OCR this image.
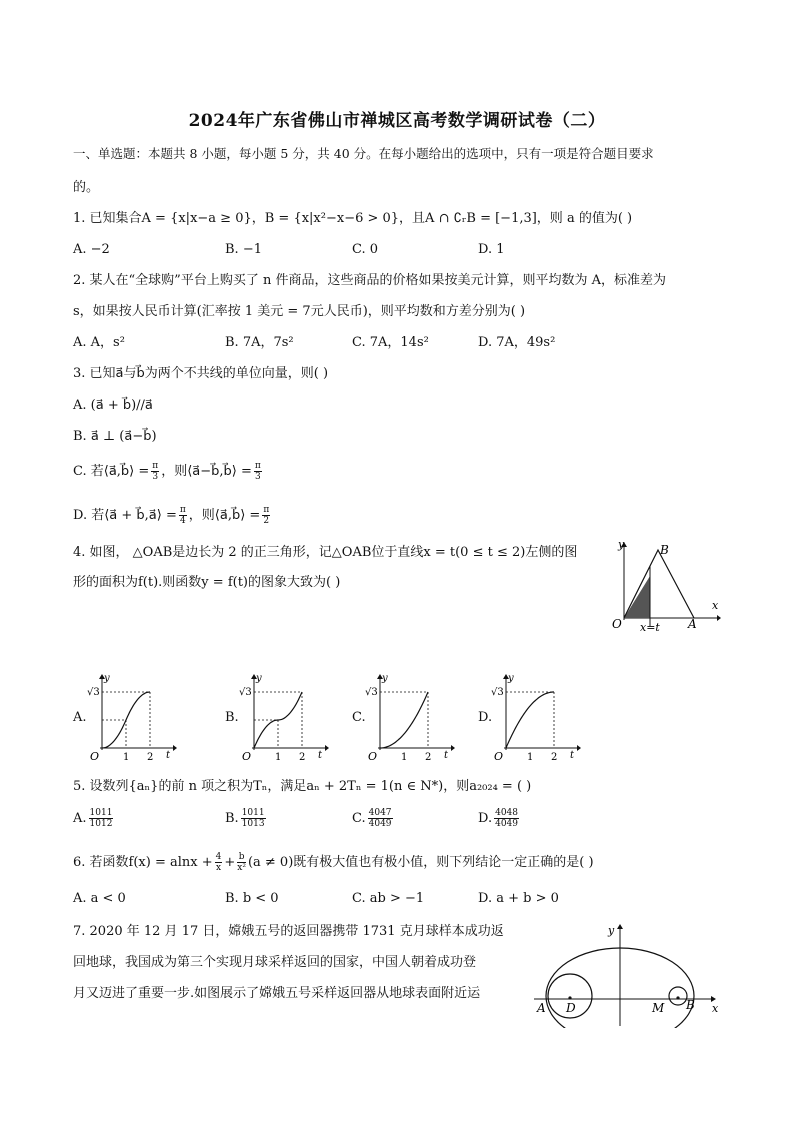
2024年广东省佛山市禅城区高考数学调研试卷（二）
一、单选题：本题共 8 小题，每小题 5 分，共 40 分。在每小题给出的选项中，只有一项是符合题目要求
的。
1. 已知集合A = {x|x−a ≥ 0}，B = {x|x²−x−6 > 0}，且A ∩ ∁ᵣB = [−1,3]，则 a 的值为( )
A. −2	B. −1	C. 0	D. 1
2. 某人在“全球购”平台上购买了 n 件商品，这些商品的价格如果按美元计算，则平均数为 A，标准差为
s，如果按人民币计算(汇率按 1 美元 = 7元人民币)，则平均数和方差分别为( )
A. A，s²	B. 7A，7s²	C. 7A，14s²	D. 7A，49s²
3. 已知a⃗与b⃗为两个不共线的单位向量，则( )
A. (a⃗ + b⃗)//a⃗
B. a⃗ ⊥ (a⃗−b⃗)
C. 若⟨a⃗,b⃗⟩ = $\frac{\pi}{3}$ ，则⟨a⃗−b⃗,b⃗⟩ = $\frac{\pi}{3}$
D. 若⟨a⃗ + b⃗,a⃗⟩ = $\frac{\pi}{4}$ ，则⟨a⃗,b⃗⟩ = $\frac{\pi}{2}$
4. 如图， △OAB是边长为 2 的正三角形，记△OAB位于直线x = t(0 ≤ t ≤ 2)左侧的图
形的面积为f(t).则函数y = f(t)的图象大致为( )
y
x
O	A
B
x=t
A.	B.	C.	D.
y
√3
O 1 2 t
y
√3
O 1 2 t
y
√3
O 1 2 t
y
√3
O 1 2 t
5. 设数列{aₙ}的前 n 项之积为Tₙ，满足aₙ + 2Tₙ = 1(n ∈ N*)，则a₂₀₂₄ = ( )
A. $\frac{1011}{1012}$	B. $\frac{1011}{1013}$	C. $\frac{4047}{4049}$	D. $\frac{4048}{4049}$
6. 若函数$f(x) = alnx + \frac{4}{x} + \frac{b}{\text{x²}} (a \ne 0)$既有极大值也有极小值，则下列结论一定正确的是( )
A. a < 0	B. b < 0	C. ab > −1	D. a + b > 0
7. 2020 年 12 月 17 日，嫦娥五号的返回器携带 1731 克月球样本成功返
回地球，我国成为第三个实现月球采样返回的国家，中国人朝着成功登
月又迈进了重要一步.如图展示了嫦娥五号采样返回器从地球表面附近运
A D	M B
y
x
